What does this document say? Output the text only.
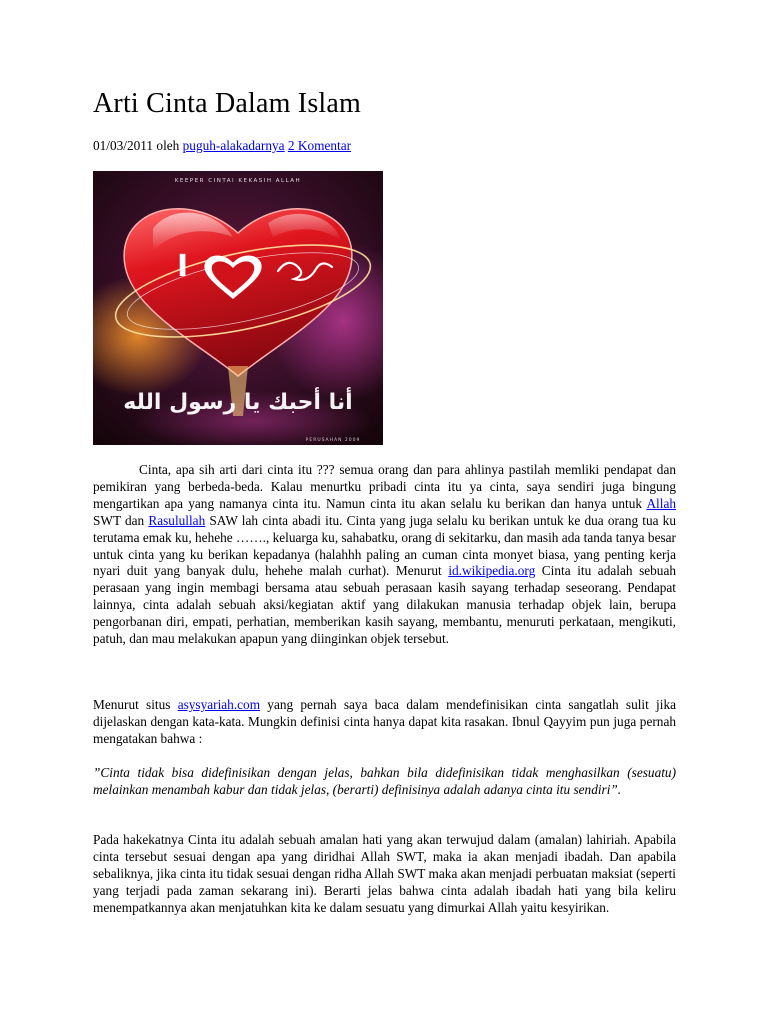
Arti Cinta Dalam Islam
01/03/2011 oleh puguh-alakadarnya 2 Komentar
KEEPER CINTAI KEKASIH ALLAH
I
أنا أحبك يا رسول الله
PERUSAHAN 2009

Cinta, apa sih arti dari cinta itu ??? semua orang dan para ahlinya pastilah memliki pendapat dan pemikiran yang berbeda-beda. Kalau menurtku pribadi cinta itu ya cinta, saya sendiri juga bingung mengartikan apa yang namanya cinta itu. Namun cinta itu akan selalu ku berikan dan hanya untuk Allah SWT dan Rasulullah SAW lah cinta abadi itu. Cinta yang juga selalu ku berikan untuk ke dua orang tua ku terutama emak ku, hehehe ……., keluarga ku, sahabatku, orang di sekitarku, dan masih ada tanda tanya besar untuk cinta yang ku berikan kepadanya (halahhh paling an cuman cinta monyet biasa, yang penting kerja nyari duit yang banyak dulu, hehehe malah curhat). Menurut id.wikipedia.org Cinta itu adalah sebuah perasaan yang ingin membagi bersama atau sebuah perasaan kasih sayang terhadap seseorang. Pendapat lainnya, cinta adalah sebuah aksi/kegiatan aktif yang dilakukan manusia terhadap objek lain, berupa pengorbanan diri, empati, perhatian, memberikan kasih sayang, membantu, menuruti perkataan, mengikuti, patuh, dan mau melakukan apapun yang diinginkan objek tersebut.

Menurut situs asysyariah.com yang pernah saya baca dalam mendefinisikan cinta sangatlah sulit jika dijelaskan dengan kata-kata. Mungkin definisi cinta hanya dapat kita rasakan. Ibnul Qayyim pun juga pernah mengatakan bahwa :

”Cinta tidak bisa didefinisikan dengan jelas, bahkan bila didefinisikan tidak menghasilkan (sesuatu) melainkan menambah kabur dan tidak jelas, (berarti) definisinya adalah adanya cinta itu sendiri”.

Pada hakekatnya Cinta itu adalah sebuah amalan hati yang akan terwujud dalam (amalan) lahiriah. Apabila cinta tersebut sesuai dengan apa yang diridhai Allah SWT, maka ia akan menjadi ibadah. Dan apabila sebaliknya, jika cinta itu tidak sesuai dengan ridha Allah SWT maka akan menjadi perbuatan maksiat (seperti yang terjadi pada zaman sekarang ini). Berarti jelas bahwa cinta adalah ibadah hati yang bila keliru menempatkannya akan menjatuhkan kita ke dalam sesuatu yang dimurkai Allah yaitu kesyirikan.
